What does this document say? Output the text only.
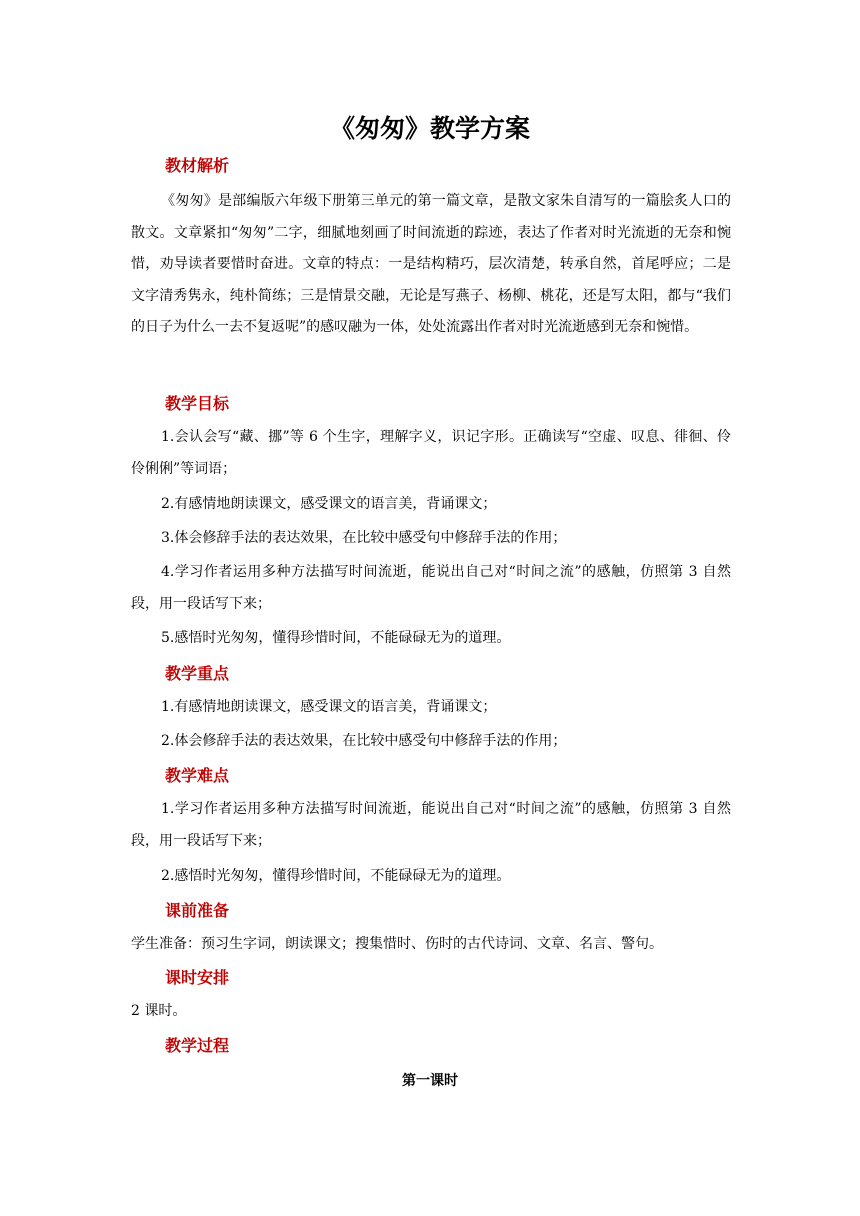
《匆匆》教学方案
教材解析
《匆匆》是部编版六年级下册第三单元的第一篇文章，是散文家朱自清写的一篇脍炙人口的散文。文章紧扣“匆匆”二字，细腻地刻画了时间流逝的踪迹，表达了作者对时光流逝的无奈和惋惜，劝导读者要惜时奋进。文章的特点：一是结构精巧，层次清楚，转承自然，首尾呼应；二是文字清秀隽永，纯朴简练；三是情景交融，无论是写燕子、杨柳、桃花，还是写太阳，都与“我们的日子为什么一去不复返呢”的感叹融为一体，处处流露出作者对时光流逝感到无奈和惋惜。
教学目标
1.会认会写“藏、挪”等 6 个生字，理解字义，识记字形。正确读写“空虚、叹息、徘徊、伶伶俐俐”等词语；
2.有感情地朗读课文，感受课文的语言美，背诵课文；
3.体会修辞手法的表达效果，在比较中感受句中修辞手法的作用；
4.学习作者运用多种方法描写时间流逝，能说出自己对“时间之流”的感触，仿照第 3 自然段，用一段话写下来；
5.感悟时光匆匆，懂得珍惜时间，不能碌碌无为的道理。
教学重点
1.有感情地朗读课文，感受课文的语言美，背诵课文；
2.体会修辞手法的表达效果，在比较中感受句中修辞手法的作用；
教学难点
1.学习作者运用多种方法描写时间流逝，能说出自己对“时间之流”的感触，仿照第 3 自然段，用一段话写下来；
2.感悟时光匆匆，懂得珍惜时间，不能碌碌无为的道理。
课前准备
学生准备：预习生字词，朗读课文；搜集惜时、伤时的古代诗词、文章、名言、警句。
课时安排
2 课时。
教学过程
第一课时
